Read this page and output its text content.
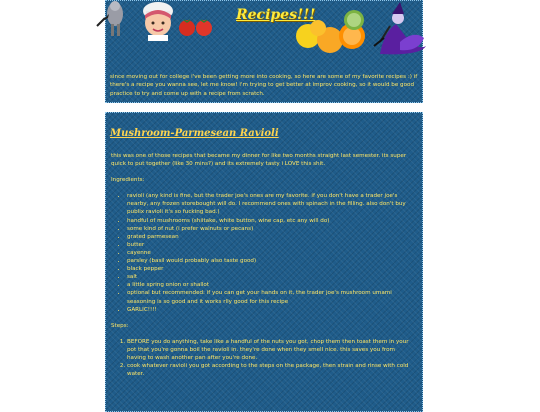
Recipes!!!
since moving out for college i've been getting more into cooking, so here are some of my favorite recipes :) if there's a recipe you wanna see, let me know! i'm trying to get better at improv cooking, so it would be good practice to try and come up with a recipe from scratch.
Mushroom-Parmesean Ravioli

this was one of those recipes that became my dinner for like two months straight last semester. its super quick to put together (like 30 mins?) and its extremely tasty i LOVE this shit.

Ingredients:

• ravioli (any kind is fine, but the trader joe's ones are my favorite. if you don't have a trader joe's nearby, any frozen storebought will do. I recommend ones with spinach in the filling. also don't buy publix ravioli it's so fucking bad.)
• handful of mushrooms (shiitake, white button, wine cap, etc any will do)
• some kind of nut (i prefer walnuts or pecans)
• grated parmesean
• butter
• cayenne
• parsley (basil would probably also taste good)
• black pepper
• salt
• a little spring onion or shallot
• optional but recommended: if you can get your hands on it, the trader joe's mushroom umami seasoning is so good and it works rlly good for this recipe
• GARLIC!!!!

Steps:

1. BEFORE you do anything, take like a handful of the nuts you got, chop them then toast them in your pot that you're gonna boil the ravioli in. they're done when they smell nice. this saves you from having to wash another pan after you're done.
2. cook whatever ravioli you got according to the steps on the package, then strain and rinse with cold water.
